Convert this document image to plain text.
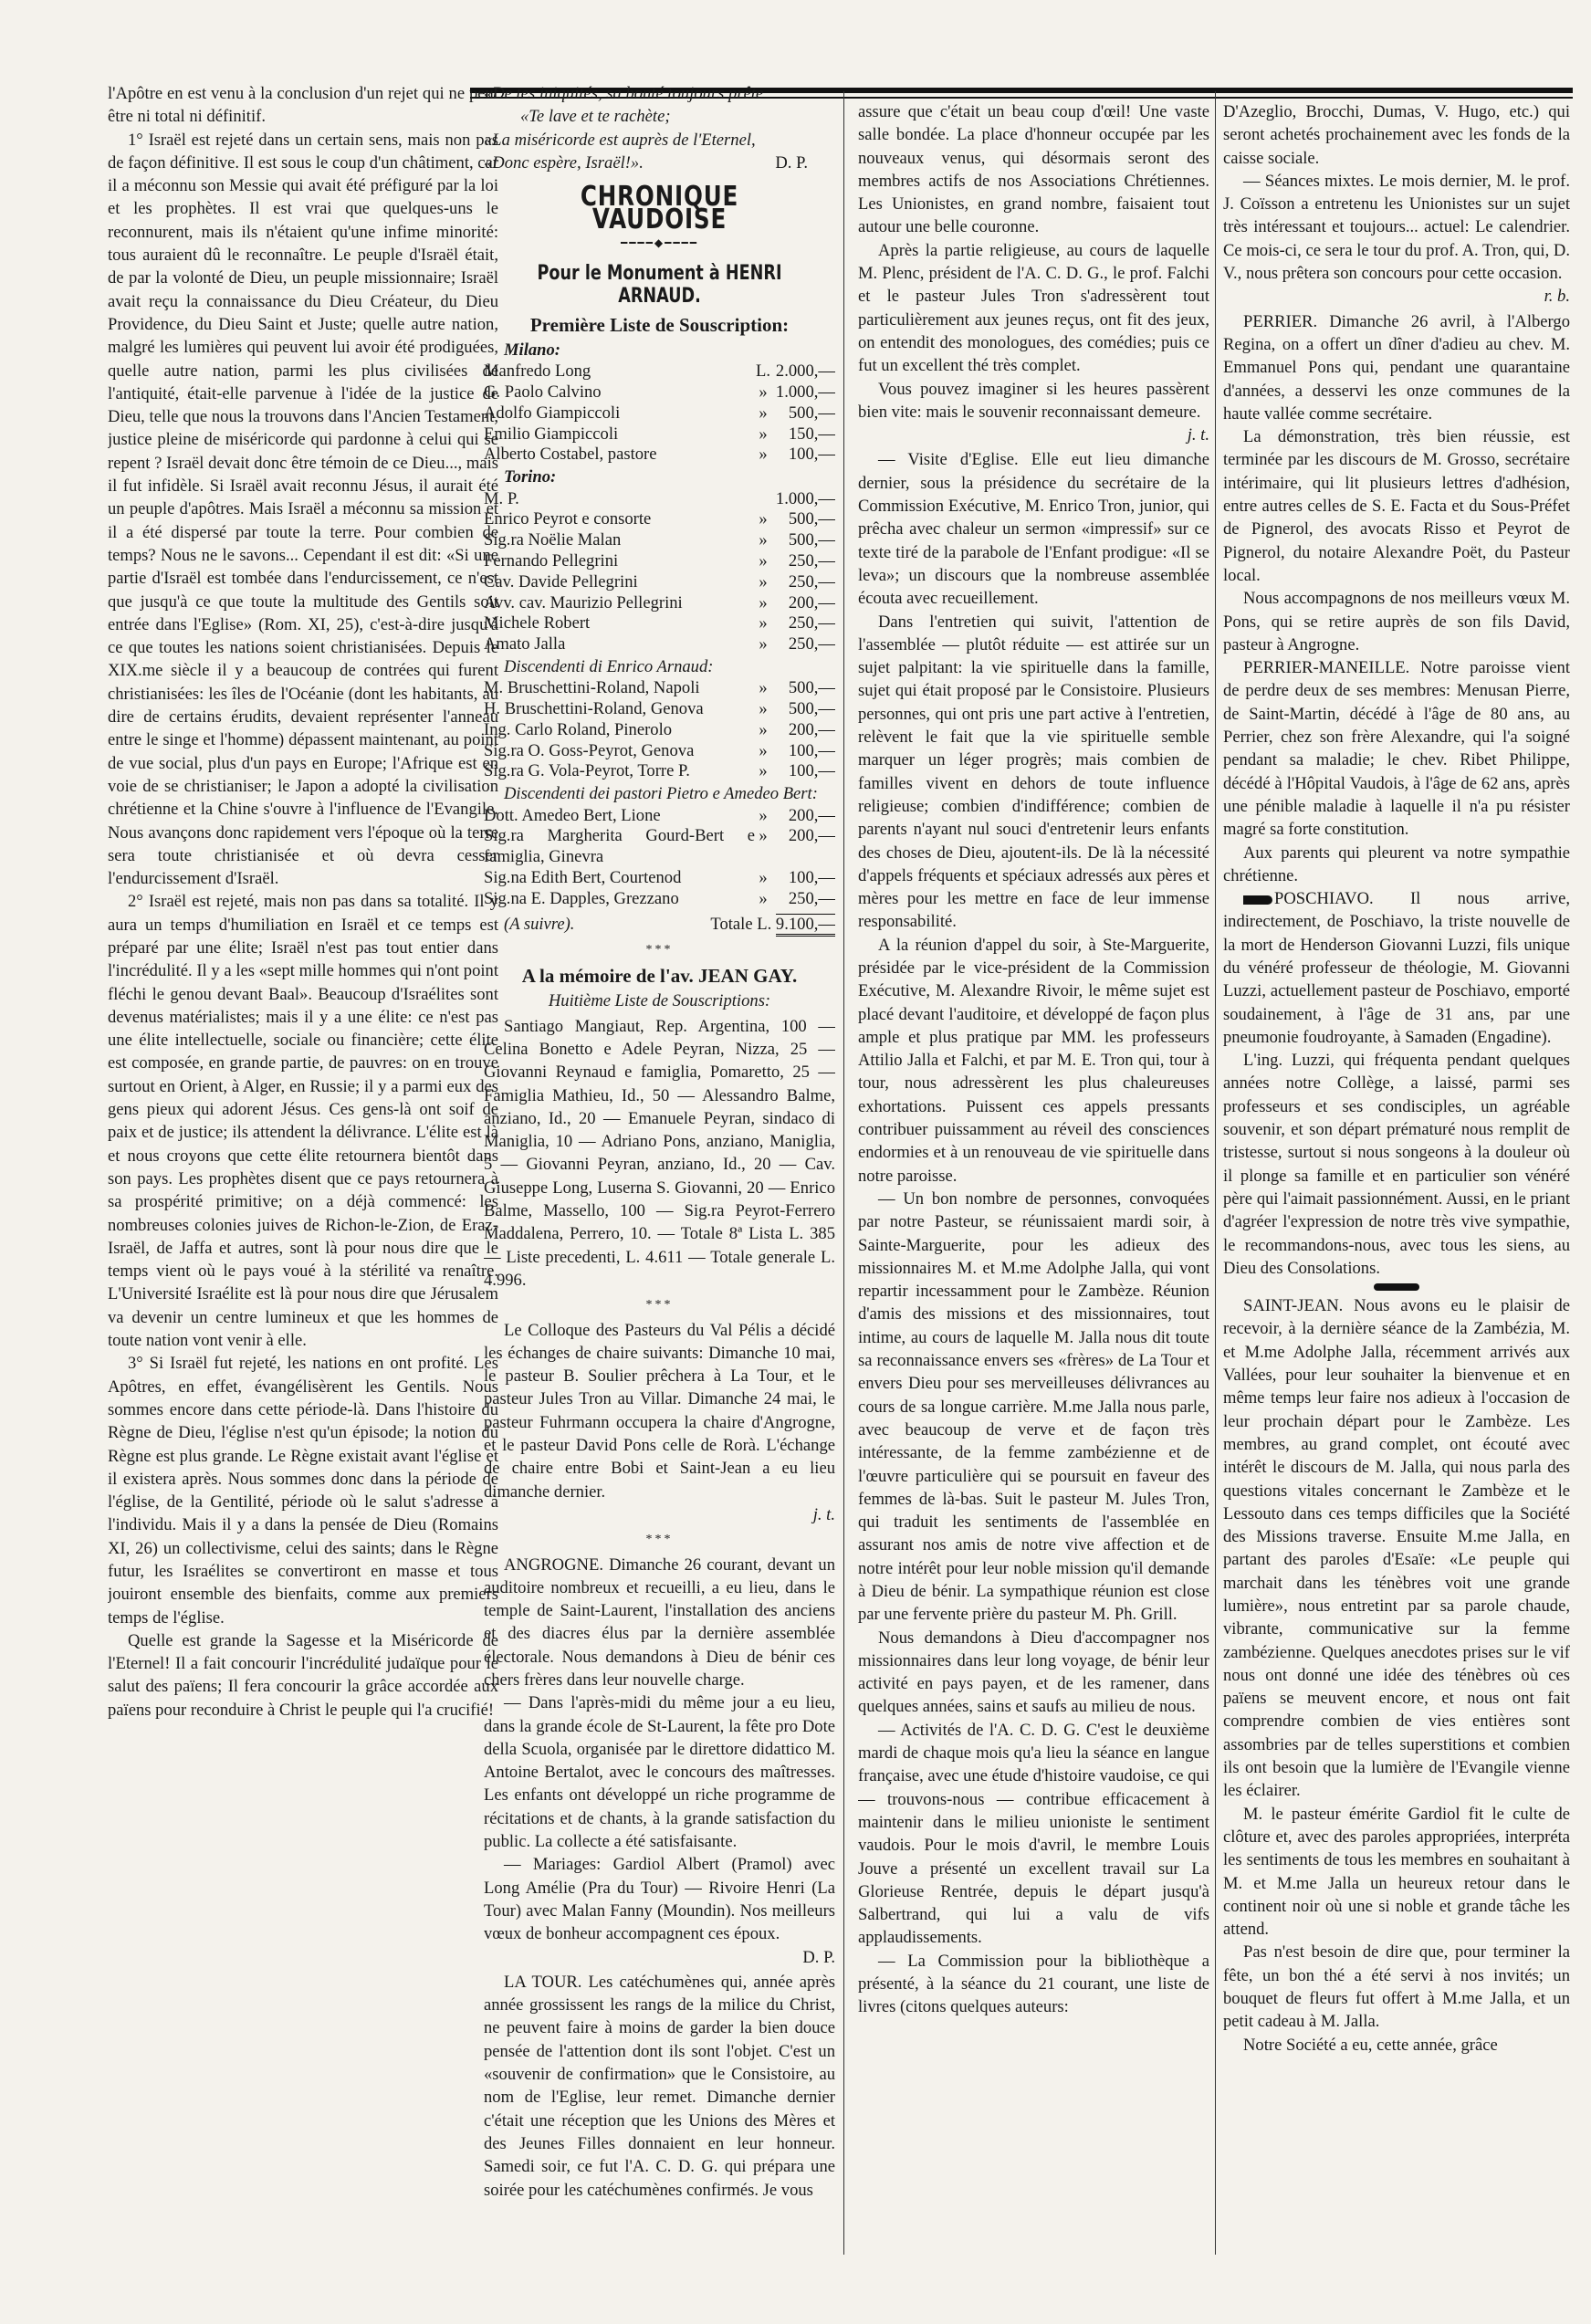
l'Apôtre en est venu à la conclusion d'un rejet qui ne peut être ni total ni définitif.

1° Israël est rejeté dans un certain sens, mais non pas de façon définitive. Il est sous le coup d'un châtiment, car il a méconnu son Messie qui avait été préfiguré par la loi et les prophètes. Il est vrai que quelques-uns le reconnurent, mais ils n'étaient qu'une infime minorité: tous auraient dû le reconnaître. Le peuple d'Israël était, de par la volonté de Dieu, un peuple missionnaire; Israël avait reçu la connaissance du Dieu Créateur, du Dieu Providence, du Dieu Saint et Juste; quelle autre nation, malgré les lumières qui peuvent lui avoir été prodiguées, quelle autre nation, parmi les plus civilisées de l'antiquité, était-elle parvenue à l'idée de la justice de Dieu, telle que nous la trouvons dans l'Ancien Testament, justice pleine de miséricorde qui pardonne à celui qui se repent ? Israël devait donc être témoin de ce Dieu..., mais il fut infidèle. Si Israël avait reconnu Jésus, il aurait été un peuple d'apôtres. Mais Israël a méconnu sa mission et il a été dispersé par toute la terre. Pour combien de temps? Nous ne le savons... Cependant il est dit: «Si une partie d'Israël est tombée dans l'endurcissement, ce n'est que jusqu'à ce que toute la multitude des Gentils soit entrée dans l'Eglise» (Rom. XI, 25), c'est-à-dire jusqu'à ce que toutes les nations soient christianisées. Depuis le XIX.me siècle il y a beaucoup de contrées qui furent christianisées: les îles de l'Océanie (dont les habitants, au dire de certains érudits, devaient représenter l'anneau entre le singe et l'homme) dépassent maintenant, au point de vue social, plus d'un pays en Europe; l'Afrique est en voie de se christianiser; le Japon a adopté la civilisation chrétienne et la Chine s'ouvre à l'influence de l'Evangile. Nous avançons donc rapidement vers l'époque où la terre sera toute christianisée et où devra cesser l'endurcissement d'Israël.

2° Israël est rejeté, mais non pas dans sa totalité. Il y aura un temps d'humiliation en Israël et ce temps est préparé par une élite; Israël n'est pas tout entier dans l'incrédulité. Il y a les «sept mille hommes qui n'ont point fléchi le genou devant Baal». Beaucoup d'Israélites sont devenus matérialistes; mais il y a une élite: ce n'est pas une élite intellectuelle, sociale ou financière; cette élite est composée, en grande partie, de pauvres: on en trouve surtout en Orient, à Alger, en Russie; il y a parmi eux des gens pieux qui adorent Jésus. Ces gens-là ont soif de paix et de justice; ils attendent la délivrance. L'élite est là et nous croyons que cette élite retournera bientôt dans son pays. Les prophètes disent que ce pays retournera à sa prospérité primitive; on a déjà commencé: les nombreuses colonies juives de Richon-le-Zion, de Eraz-Israël, de Jaffa et autres, sont là pour nous dire que le temps vient où le pays voué à la stérilité va renaître. L'Université Israélite est là pour nous dire que Jérusalem va devenir un centre lumineux et que les hommes de toute nation vont venir à elle.

3° Si Israël fut rejeté, les nations en ont profité. Les Apôtres, en effet, évangélisèrent les Gentils. Nous sommes encore dans cette période-là. Dans l'histoire du Règne de Dieu, l'église n'est qu'un épisode; la notion du Règne est plus grande. Le Règne existait avant l'église et il existera après. Nous sommes donc dans la période de l'église, de la Gentilité, période où le salut s'adresse à l'individu. Mais il y a dans la pensée de Dieu (Romains XI, 26) un collectivisme, celui des saints; dans le Règne futur, les Israélites se convertiront en masse et tous jouiront ensemble des bienfaits, comme aux premiers temps de l'église.

Quelle est grande la Sagesse et la Miséricorde de l'Eternel! Il a fait concourir l'incrédulité judaïque pour le salut des païens; Il fera concourir la grâce accordée aux païens pour reconduire à Christ le peuple qui l'a crucifié!

«De tes iniquités, sa bonté toujours prête
«Te lave et te rachète;
«La miséricorde est auprès de l'Eternel,
«Donc espère, Israël!».	D. P.
CHRONIQUE VAUDOISE
━━━━◆━━━━
Pour le Monument à HENRI ARNAUD.
Première Liste de Souscription:
Milano:
Manfredo Long	L.	2.000,—
G. Paolo Calvino	»	1.000,—
Adolfo Giampiccoli	»	500,—
Emilio Giampiccoli	»	150,—
Alberto Costabel, pastore	»	100,—
Torino:
M. P.		1.000,—
Enrico Peyrot e consorte	»	500,—
Sig.ra Noëlie Malan	»	500,—
Fernando Pellegrini	»	250,—
Cav. Davide Pellegrini	»	250,—
Avv. cav. Maurizio Pellegrini	»	200,—
Michele Robert	»	250,—
Amato Jalla	»	250,—
Discendenti di Enrico Arnaud:
M. Bruschettini-Roland, Napoli	»	500,—
H. Bruschettini-Roland, Genova	»	500,—
Ing. Carlo Roland, Pinerolo	»	200,—
Sig.ra O. Goss-Peyrot, Genova	»	100,—
Sig.ra G. Vola-Peyrot, Torre P.	»	100,—
Discendenti dei pastori Pietro e Amedeo Bert:
Dott. Amedeo Bert, Lione	»	200,—
Sig.ra Margherita Gourd-Bert e famiglia, Ginevra	»	200,—
Sig.na Edith Bert, Courtenod	»	100,—
Sig.na E. Dapples, Grezzano	»	250,—
(A suivre).	Totale L. 9.100,—
***
A la mémoire de l'av. JEAN GAY.
Huitième Liste de Souscriptions:

Santiago Mangiaut, Rep. Argentina, 100 — Celina Bonetto e Adele Peyran, Nizza, 25 — Giovanni Reynaud e famiglia, Pomaretto, 25 — Famiglia Mathieu, Id., 50 — Alessandro Balme, anziano, Id., 20 — Emanuele Peyran, sindaco di Maniglia, 10 — Adriano Pons, anziano, Maniglia, 5 — Giovanni Peyran, anziano, Id., 20 — Cav. Giuseppe Long, Luserna S. Giovanni, 20 — Enrico Balme, Massello, 100 — Sig.ra Peyrot-Ferrero Maddalena, Perrero, 10. — Totale 8ª Lista L. 385 — Liste precedenti, L. 4.611 — Totale generale L. 4.996.

***

Le Colloque des Pasteurs du Val Pélis a décidé les échanges de chaire suivants: Dimanche 10 mai, le pasteur B. Soulier prêchera à La Tour, et le pasteur Jules Tron au Villar. Dimanche 24 mai, le pasteur Fuhrmann occupera la chaire d'Angrogne, et le pasteur David Pons celle de Rorà. L'échange de chaire entre Bobi et Saint-Jean a eu lieu dimanche dernier.

j. t.
***

ANGROGNE. Dimanche 26 courant, devant un auditoire nombreux et recueilli, a eu lieu, dans le temple de Saint-Laurent, l'installation des anciens et des diacres élus par la dernière assemblée électorale. Nous demandons à Dieu de bénir ces chers frères dans leur nouvelle charge.

— Dans l'après-midi du même jour a eu lieu, dans la grande école de St-Laurent, la fête pro Dote della Scuola, organisée par le direttore didattico M. Antoine Bertalot, avec le concours des maîtresses. Les enfants ont développé un riche programme de récitations et de chants, à la grande satisfaction du public. La collecte a été satisfaisante.

— Mariages: Gardiol Albert (Pramol) avec Long Amélie (Pra du Tour) — Rivoire Henri (La Tour) avec Malan Fanny (Moundin). Nos meilleurs vœux de bonheur accompagnent ces époux.

D. P.

LA TOUR. Les catéchumènes qui, année après année grossissent les rangs de la milice du Christ, ne peuvent faire à moins de garder la bien douce pensée de l'attention dont ils sont l'objet. C'est un «souvenir de confirmation» que le Consistoire, au nom de l'Eglise, leur remet. Dimanche dernier c'était une réception que les Unions des Mères et des Jeunes Filles donnaient en leur honneur. Samedi soir, ce fut l'A. C. D. G. qui prépara une soirée pour les catéchumènes confirmés. Je vous

assure que c'était un beau coup d'œil! Une vaste salle bondée. La place d'honneur occupée par les nouveaux venus, qui désormais seront des membres actifs de nos Associations Chrétiennes. Les Unionistes, en grand nombre, faisaient tout autour une belle couronne.

Après la partie religieuse, au cours de laquelle M. Plenc, président de l'A. C. D. G., le prof. Falchi et le pasteur Jules Tron s'adressèrent tout particulièrement aux jeunes reçus, ont fit des jeux, on entendit des monologues, des comédies; puis ce fut un excellent thé très complet.

Vous pouvez imaginer si les heures passèrent bien vite: mais le souvenir reconnaissant demeure.

j. t.

— Visite d'Eglise. Elle eut lieu dimanche dernier, sous la présidence du secrétaire de la Commission Exécutive, M. Enrico Tron, junior, qui prêcha avec chaleur un sermon «impressif» sur ce texte tiré de la parabole de l'Enfant prodigue: «Il se leva»; un discours que la nombreuse assemblée écouta avec recueillement.

Dans l'entretien qui suivit, l'attention de l'assemblée — plutôt réduite — est attirée sur un sujet palpitant: la vie spirituelle dans la famille, sujet qui était proposé par le Consistoire. Plusieurs personnes, qui ont pris une part active à l'entretien, relèvent le fait que la vie spirituelle semble marquer un léger progrès; mais combien de familles vivent en dehors de toute influence religieuse; combien d'indifférence; combien de parents n'ayant nul souci d'entretenir leurs enfants des choses de Dieu, ajoutent-ils. De là la nécessité d'appels fréquents et spéciaux adressés aux pères et mères pour les mettre en face de leur immense responsabilité.

A la réunion d'appel du soir, à Ste-Marguerite, présidée par le vice-président de la Commission Exécutive, M. Alexandre Rivoir, le même sujet est placé devant l'auditoire, et développé de façon plus ample et plus pratique par MM. les professeurs Attilio Jalla et Falchi, et par M. E. Tron qui, tour à tour, nous adressèrent les plus chaleureuses exhortations. Puissent ces appels pressants contribuer puissamment au réveil des consciences endormies et à un renouveau de vie spirituelle dans notre paroisse.

— Un bon nombre de personnes, convoquées par notre Pasteur, se réunissaient mardi soir, à Sainte-Marguerite, pour les adieux des missionnaires M. et M.me Adolphe Jalla, qui vont repartir incessamment pour le Zambèze. Réunion d'amis des missions et des missionnaires, tout intime, au cours de laquelle M. Jalla nous dit toute sa reconnaissance envers ses «frères» de La Tour et envers Dieu pour ses merveilleuses délivrances au cours de sa longue carrière. M.me Jalla nous parle, avec beaucoup de verve et de façon très intéressante, de la femme zambézienne et de l'œuvre particulière qui se poursuit en faveur des femmes de là-bas. Suit le pasteur M. Jules Tron, qui traduit les sentiments de l'assemblée en assurant nos amis de notre vive affection et de notre intérêt pour leur noble mission qu'il demande à Dieu de bénir. La sympathique réunion est close par une fervente prière du pasteur M. Ph. Grill.

Nous demandons à Dieu d'accompagner nos missionnaires dans leur long voyage, de bénir leur activité en pays payen, et de les ramener, dans quelques années, sains et saufs au milieu de nous.

— Activités de l'A. C. D. G. C'est le deuxième mardi de chaque mois qu'a lieu la séance en langue française, avec une étude d'histoire vaudoise, ce qui — trouvons-nous — contribue efficacement à maintenir dans le milieu unioniste le sentiment vaudois. Pour le mois d'avril, le membre Louis Jouve a présenté un excellent travail sur La Glorieuse Rentrée, depuis le départ jusqu'à Salbertrand, qui lui a valu de vifs applaudissements.

— La Commission pour la bibliothèque a présenté, à la séance du 21 courant, une liste de livres (citons quelques auteurs:

D'Azeglio, Brocchi, Dumas, V. Hugo, etc.) qui seront achetés prochainement avec les fonds de la caisse sociale.

— Séances mixtes. Le mois dernier, M. le prof. J. Coïsson a entretenu les Unionistes sur un sujet très intéressant et toujours... actuel: Le calendrier. Ce mois-ci, ce sera le tour du prof. A. Tron, qui, D. V., nous prêtera son concours pour cette occasion.

r. b.

PERRIER. Dimanche 26 avril, à l'Albergo Regina, on a offert un dîner d'adieu au chev. M. Emmanuel Pons qui, pendant une quarantaine d'années, a desservi les onze communes de la haute vallée comme secrétaire.

La démonstration, très bien réussie, est terminée par les discours de M. Grosso, secrétaire intérimaire, qui lit plusieurs lettres d'adhésion, entre autres celles de S. E. Facta et du Sous-Préfet de Pignerol, des avocats Risso et Peyrot de Pignerol, du notaire Alexandre Poët, du Pasteur local.

Nous accompagnons de nos meilleurs vœux M. Pons, qui se retire auprès de son fils David, pasteur à Angrogne.

PERRIER-MANEILLE. Notre paroisse vient de perdre deux de ses membres: Menusan Pierre, de Saint-Martin, décédé à l'âge de 80 ans, au Perrier, chez son frère Alexandre, qui l'a soigné pendant sa maladie; le chev. Ribet Philippe, décédé à l'Hôpital Vaudois, à l'âge de 62 ans, après une pénible maladie à laquelle il n'a pu résister magré sa forte constitution.

Aux parents qui pleurent va notre sympathie chrétienne.

POSCHIAVO. Il nous arrive, indirectement, de Poschiavo, la triste nouvelle de la mort de Henderson Giovanni Luzzi, fils unique du vénéré professeur de théologie, M. Giovanni Luzzi, actuellement pasteur de Poschiavo, emporté soudainement, à l'âge de 31 ans, par une pneumonie foudroyante, à Samaden (Engadine).

L'ing. Luzzi, qui fréquenta pendant quelques années notre Collège, a laissé, parmi ses professeurs et ses condisciples, un agréable souvenir, et son départ prématuré nous remplit de tristesse, surtout si nous songeons à la douleur où il plonge sa famille et en particulier son vénéré père qui l'aimait passionnément. Aussi, en le priant d'agréer l'expression de notre très vive sympathie, le recommandons-nous, avec tous les siens, au Dieu des Consolations.

SAINT-JEAN. Nous avons eu le plaisir de recevoir, à la dernière séance de la Zambézia, M. et M.me Adolphe Jalla, récemment arrivés aux Vallées, pour leur souhaiter la bienvenue et en même temps leur faire nos adieux à l'occasion de leur prochain départ pour le Zambèze. Les membres, au grand complet, ont écouté avec intérêt le discours de M. Jalla, qui nous parla des questions vitales concernant le Zambèze et le Lessouto dans ces temps difficiles que la Société des Missions traverse. Ensuite M.me Jalla, en partant des paroles d'Esaïe: «Le peuple qui marchait dans les ténèbres voit une grande lumière», nous entretint par sa parole chaude, vibrante, communicative sur la femme zambézienne. Quelques anecdotes prises sur le vif nous ont donné une idée des ténèbres où ces païens se meuvent encore, et nous ont fait comprendre combien de vies entières sont assombries par de telles superstitions et combien ils ont besoin que la lumière de l'Evangile vienne les éclairer.

M. le pasteur émérite Gardiol fit le culte de clôture et, avec des paroles appropriées, interpréta les sentiments de tous les membres en souhaitant à M. et M.me Jalla un heureux retour dans le continent noir où une si noble et grande tâche les attend.

Pas n'est besoin de dire que, pour terminer la fête, un bon thé a été servi à nos invités; un bouquet de fleurs fut offert à M.me Jalla, et un petit cadeau à M. Jalla.

Notre Société a eu, cette année, grâce
